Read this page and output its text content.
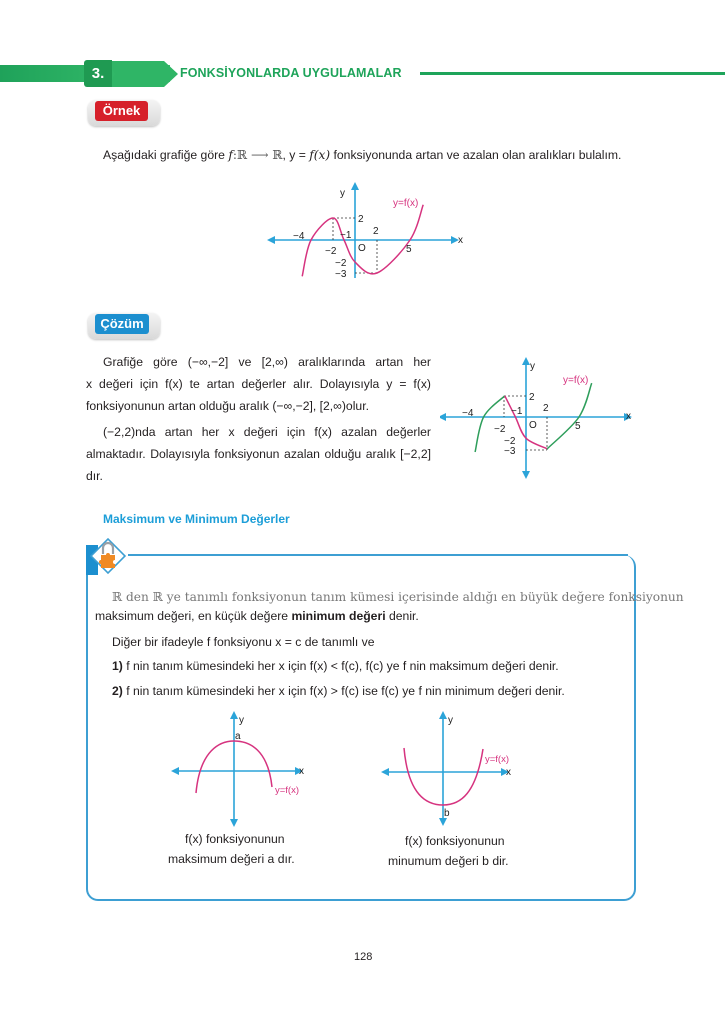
3.	FONKSİYONLARDA UYGULAMALAR
Örnek
Aşağıdaki grafiğe göre f:ℝ ⟶ ℝ, y = f(x) fonksiyonunda artan ve azalan olan aralıkları bulalım.
y
x
y=f(x)
−4
−2
−1 2
5
2
−2
−3
O
Çözüm
Grafiğe göre (−∞,−2] ve [2,∞) aralıklarında artan her
x değeri için f(x) te artan değerler alır. Dolayısıyla y = f(x)
fonksiyonunun artan olduğu aralık (−∞,−2], [2,∞)olur.
(−2,2)nda artan her x değeri için f(x) azalan değerler
almaktadır. Dolayısıyla fonksiyonun azalan olduğu aralık [−2,2]
dır.
y
x
y=f(x)
−4
−2
−1 2
5
2
−2
−3
O
Maksimum ve Minimum Değerler
ℝ den ℝ ye tanımlı fonksiyonun tanım kümesi içerisinde aldığı en büyük değere fonksiyonun
maksimum değeri, en küçük değere minimum değeri denir.
Diğer bir ifadeyle f fonksiyonu x = c de tanımlı ve
1) f nin tanım kümesindeki her x için f(x) < f(c), f(c) ye f nin maksimum değeri denir.
2) f nin tanım kümesindeki her x için f(x) > f(c) ise f(c) ye f nin minimum değeri denir.
y
x
a
y=f(x)
f(x) fonksiyonunun
maksimum değeri a dır.
y
x
b
y=f(x)
f(x) fonksiyonunun
minumum değeri b dir.
128
